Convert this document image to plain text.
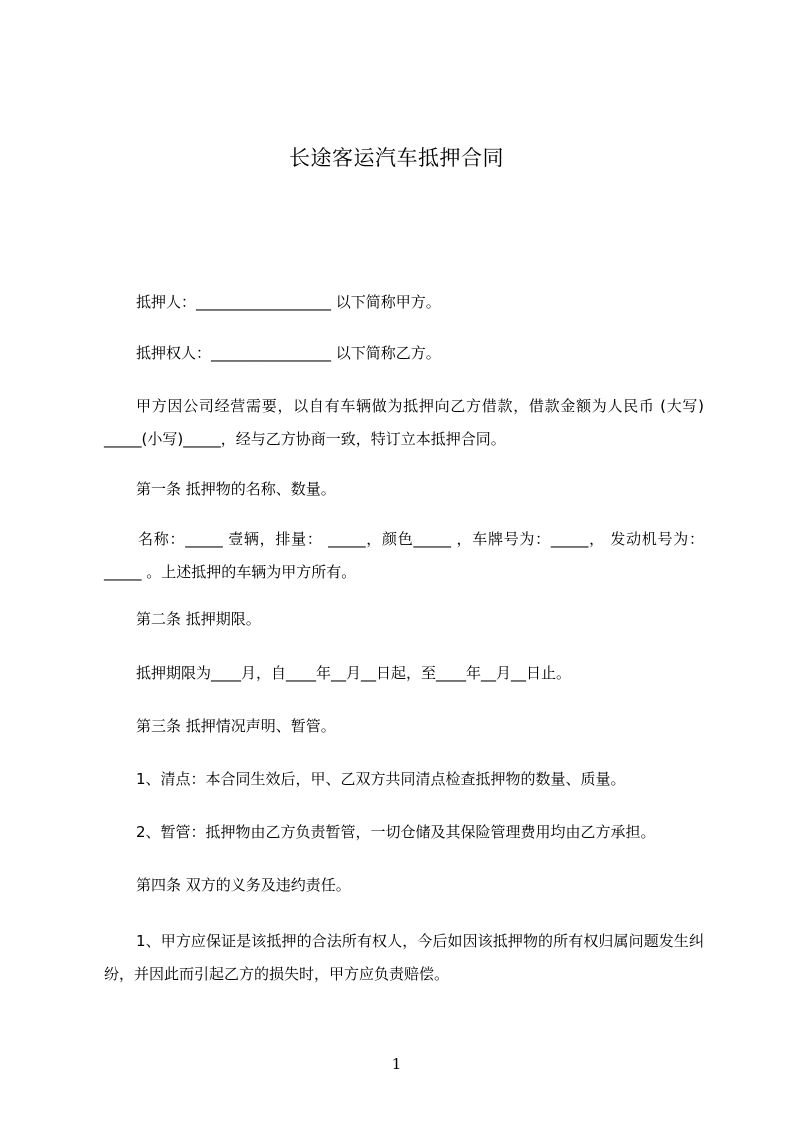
长途客运汽车抵押合同
抵押人：__________________ 以下简称甲方。
抵押权人：________________ 以下简称乙方。
甲方因公司经营需要，以自有车辆做为抵押向乙方借款，借款金额为人民币 (大写) _____(小写)_____，经与乙方协商一致，特订立本抵押合同。
第一条 抵押物的名称、数量。
名称：_____ 壹辆，排量： _____，颜色_____ ，车牌号为：_____， 发动机号为：_____ 。上述抵押的车辆为甲方所有。
第二条 抵押期限。
抵押期限为____月，自____年__月__日起，至____年__月__日止。
第三条 抵押情况声明、暂管。
1、清点：本合同生效后，甲、乙双方共同清点检查抵押物的数量、质量。
2、暂管：抵押物由乙方负责暂管，一切仓储及其保险管理费用均由乙方承担。
第四条 双方的义务及违约责任。
1、甲方应保证是该抵押的合法所有权人，今后如因该抵押物的所有权归属问题发生纠纷，并因此而引起乙方的损失时，甲方应负责赔偿。
1
